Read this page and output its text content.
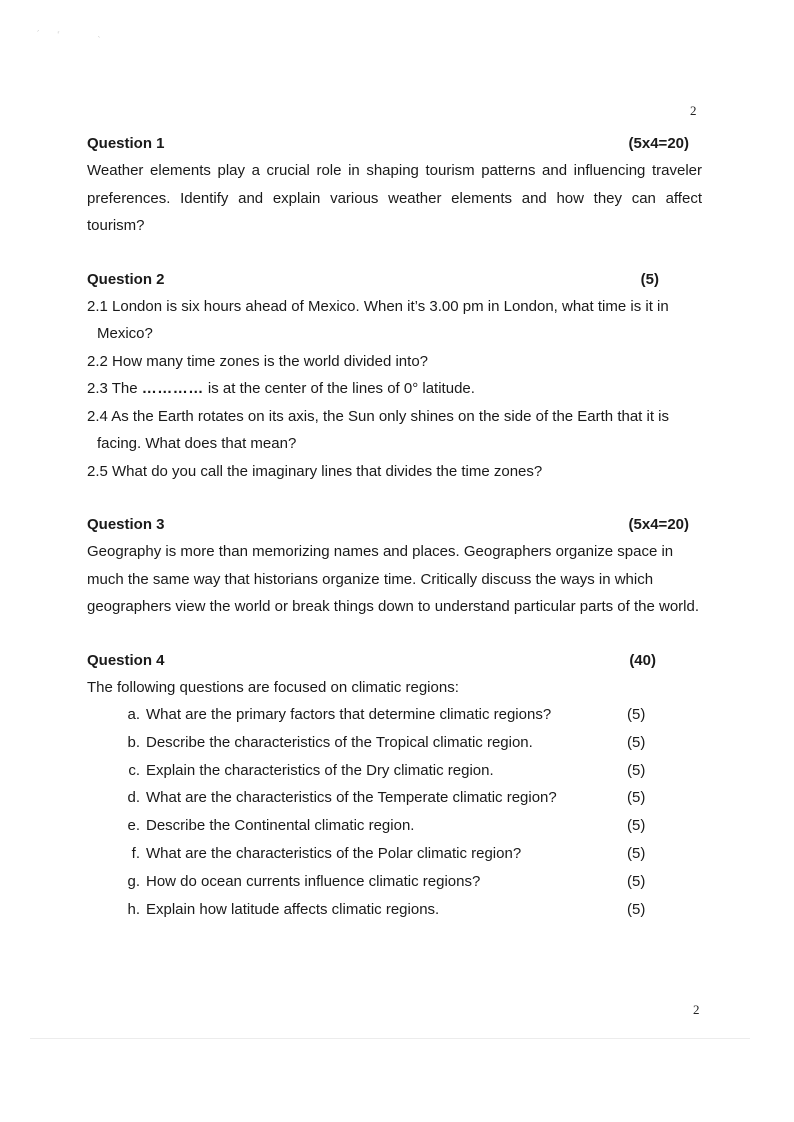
´ʳ ˎ
2
Question 1	(5x4=20)

Weather elements play a crucial role in shaping tourism patterns and influencing traveler preferences. Identify and explain various weather elements and how they can affect tourism?

Question 2	(5)

2.1 London is six hours ahead of Mexico. When it’s 3.00 pm in London, what time is it in Mexico?

2.2 How many time zones is the world divided into?

2.3 The ………… is at the center of the lines of 0° latitude.

2.4 As the Earth rotates on its axis, the Sun only shines on the side of the Earth that it is facing. What does that mean?

2.5 What do you call the imaginary lines that divides the time zones?

Question 3	(5x4=20)

Geography is more than memorizing names and places. Geographers organize space in much the same way that historians organize time. Critically discuss the ways in which geographers view the world or break things down to understand particular parts of the world.

Question 4	(40)

The following questions are focused on climatic regions:

a. What are the primary factors that determine climatic regions?	(5)
b. Describe the characteristics of the Tropical climatic region.	(5)
c. Explain the characteristics of the Dry climatic region.	(5)
d. What are the characteristics of the Temperate climatic region?	(5)
e. Describe the Continental climatic region.	(5)
f. What are the characteristics of the Polar climatic region?	(5)
g. How do ocean currents influence climatic regions?	(5)
h. Explain how latitude affects climatic regions.	(5)
2
